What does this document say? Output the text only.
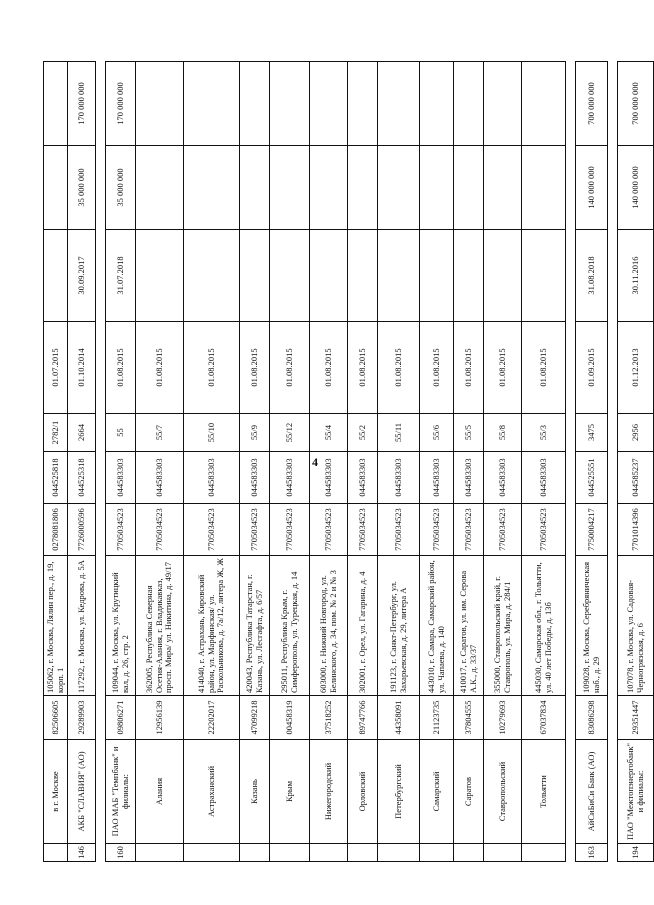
4
	в г. Москве	82506605	105062, г. Москва, Лялин пер., д. 19, корп. 1	0278081806	044525818	2782/1	01.07.2015			
146	АКБ "СЛАВИЯ" (АО)	29289903	117292, г. Москва, ул. Кедрова, д. 5А	7726000596	044525318	2664	01.10.2014	30.09.2017	35 000 000	170 000 000

160	ПАО МАБ "Темпбанк" и филиалы:	09806271	109044, г. Москва, ул. Крутицкий вал, д. 26, стр. 2	7705034523	044583303	55	01.08.2015	31.07.2018	35 000 000	170 000 000
	Алания	12956139	362005, Республика Северная Осетия-Алания, г. Владикавказ, просп. Мира/ ул. Никитина, д. 49/17	7705034523	044583303	55/7	01.08.2015			
	Астраханский	22202017	414040, г. Астрахань, Кировский район, ул. Марфинская/ ул. Раскольникова, д. 7а/12, литера Ж, Ж	7705034523	044583303	55/10	01.08.2015			
	Казань	47099218	420043, Республика Татарстан, г. Казань, ул. Лесгафта, д. 6/57	7705034523	044583303	55/9	01.08.2015			
	Крым	00458319	295011, Республика Крым, г. Симферополь, ул. Турецкая, д. 14	7705034523	044583303	55/12	01.08.2015			
	Нижегородский	37518252	603000, г. Нижний Новгород, ул. Белинского, д. 34, пом. № 2 и № 3	7705034523	044583303	55/4	01.08.2015			
	Орловский	89747766	302001, г. Орел, ул. Гагарина, д. 4	7705034523	044583303	55/2	01.08.2015			
	Петербургский	44358091	191123, г. Санкт-Петербург, ул. Захарьевская, д. 29, литера А	7705034523	044583303	55/11	01.08.2015			
	Самарский	21123735	443010, г. Самара, Самарский район, ул. Чапаева, д. 140	7705034523	044583303	55/6	01.08.2015			
	Саратов	37804555	410017, г. Саратов, ул. им. Серова А.К., д. 33/37	7705034523	044583303	55/5	01.08.2015			
	Ставропольский	10279693	355000, Ставропольский край, г. Ставрополь, ул. Мира, д. 284/1	7705034523	044583303	55/8	01.08.2015			
	Тольятти	67037834	445030, Самарская обл., г. Тольятти, ул. 40 лет Победы, д. 13б	7705034523	044583303	55/3	01.08.2015			

163	АйСиБиСи Банк (АО)	83086298	109028, г. Москва, Серебряническая наб., д. 29	7750004217	044525551	3475	01.09.2015	31.08.2018	140 000 000	700 000 000

194	ПАО "Межтопэнергобанк" и филиалы:	29351447	107078, г. Москва, ул. Садовая-Черногрязская, д. 6	7701014396	044585237	2956	01.12.2013	30.11.2016	140 000 000	700 000 000
